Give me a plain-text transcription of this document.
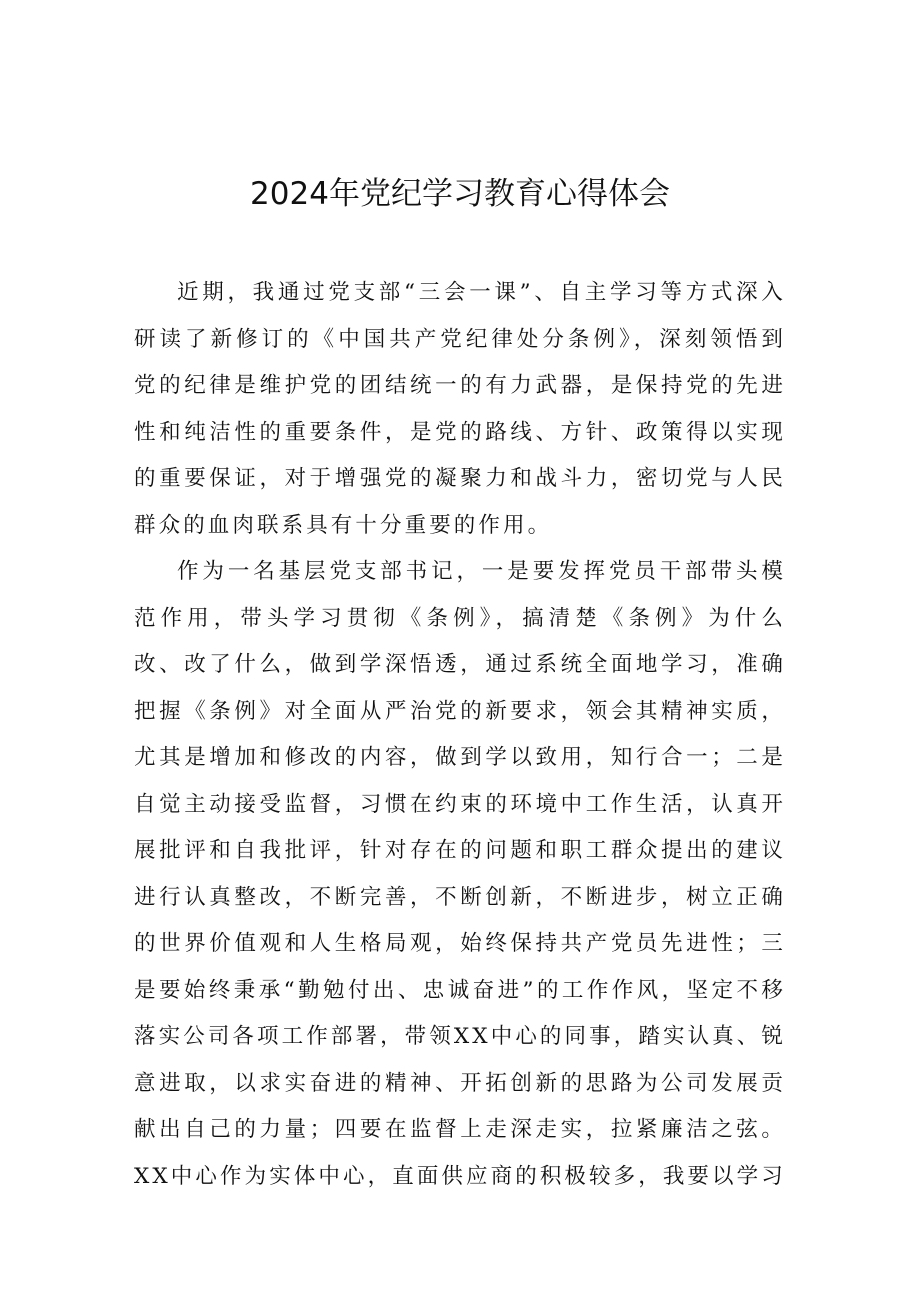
2024年党纪学习教育心得体会

近期，我通过党支部“三会一课”、自主学习等方式深入研读了新修订的《中国共产党纪律处分条例》，深刻领悟到党的纪律是维护党的团结统一的有力武器，是保持党的先进性和纯洁性的重要条件，是党的路线、方针、政策得以实现的重要保证，对于增强党的凝聚力和战斗力，密切党与人民群众的血肉联系具有十分重要的作用。

作为一名基层党支部书记，一是要发挥党员干部带头模范作用，带头学习贯彻《条例》，搞清楚《条例》为什么改、改了什么，做到学深悟透，通过系统全面地学习，准确把握《条例》对全面从严治党的新要求，领会其精神实质，尤其是增加和修改的内容，做到学以致用，知行合一；二是自觉主动接受监督，习惯在约束的环境中工作生活，认真开展批评和自我批评，针对存在的问题和职工群众提出的建议进行认真整改，不断完善，不断创新，不断进步，树立正确的世界价值观和人生格局观，始终保持共产党员先进性；三是要始终秉承“勤勉付出、忠诚奋进”的工作作风，坚定不移落实公司各项工作部署，带领XX中心的同事，踏实认真、锐意进取，以求实奋进的精神、开拓创新的思路为公司发展贡献出自己的力量；四要在监督上走深走实，拉紧廉洁之弦。XX中心作为实体中心，直面供应商的积极较多，我要以学习
